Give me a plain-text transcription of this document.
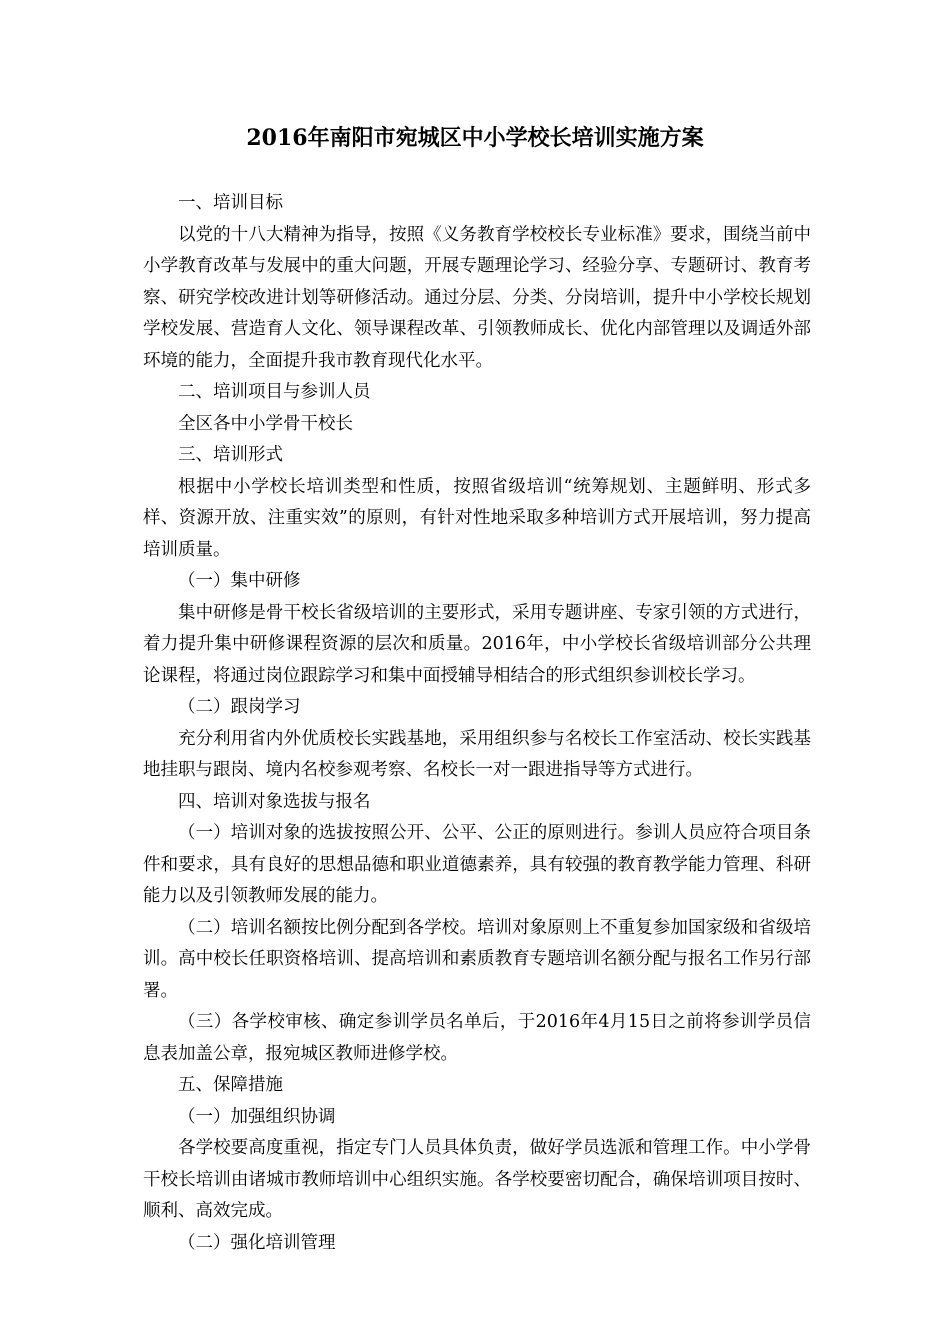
2016年南阳市宛城区中小学校长培训实施方案

一、培训目标

以党的十八大精神为指导，按照《义务教育学校校长专业标准》要求，围绕当前中小学教育改革与发展中的重大问题，开展专题理论学习、经验分享、专题研讨、教育考察、研究学校改进计划等研修活动。通过分层、分类、分岗培训，提升中小学校长规划学校发展、营造育人文化、领导课程改革、引领教师成长、优化内部管理以及调适外部环境的能力，全面提升我市教育现代化水平。

二、培训项目与参训人员

全区各中小学骨干校长

三、培训形式

根据中小学校长培训类型和性质，按照省级培训“统筹规划、主题鲜明、形式多样、资源开放、注重实效”的原则，有针对性地采取多种培训方式开展培训，努力提高培训质量。

（一）集中研修

集中研修是骨干校长省级培训的主要形式，采用专题讲座、专家引领的方式进行，着力提升集中研修课程资源的层次和质量。2016年，中小学校长省级培训部分公共理论课程，将通过岗位跟踪学习和集中面授辅导相结合的形式组织参训校长学习。

（二）跟岗学习

充分利用省内外优质校长实践基地，采用组织参与名校长工作室活动、校长实践基地挂职与跟岗、境内名校参观考察、名校长一对一跟进指导等方式进行。

四、培训对象选拔与报名

（一）培训对象的选拔按照公开、公平、公正的原则进行。参训人员应符合项目条件和要求，具有良好的思想品德和职业道德素养，具有较强的教育教学能力管理、科研能力以及引领教师发展的能力。

（二）培训名额按比例分配到各学校。培训对象原则上不重复参加国家级和省级培训。高中校长任职资格培训、提高培训和素质教育专题培训名额分配与报名工作另行部署。

（三）各学校审核、确定参训学员名单后，于2016年4月15日之前将参训学员信息表加盖公章，报宛城区教师进修学校。

五、保障措施

（一）加强组织协调

各学校要高度重视，指定专门人员具体负责，做好学员选派和管理工作。中小学骨干校长培训由诸城市教师培训中心组织实施。各学校要密切配合，确保培训项目按时、顺利、高效完成。

（二）强化培训管理
